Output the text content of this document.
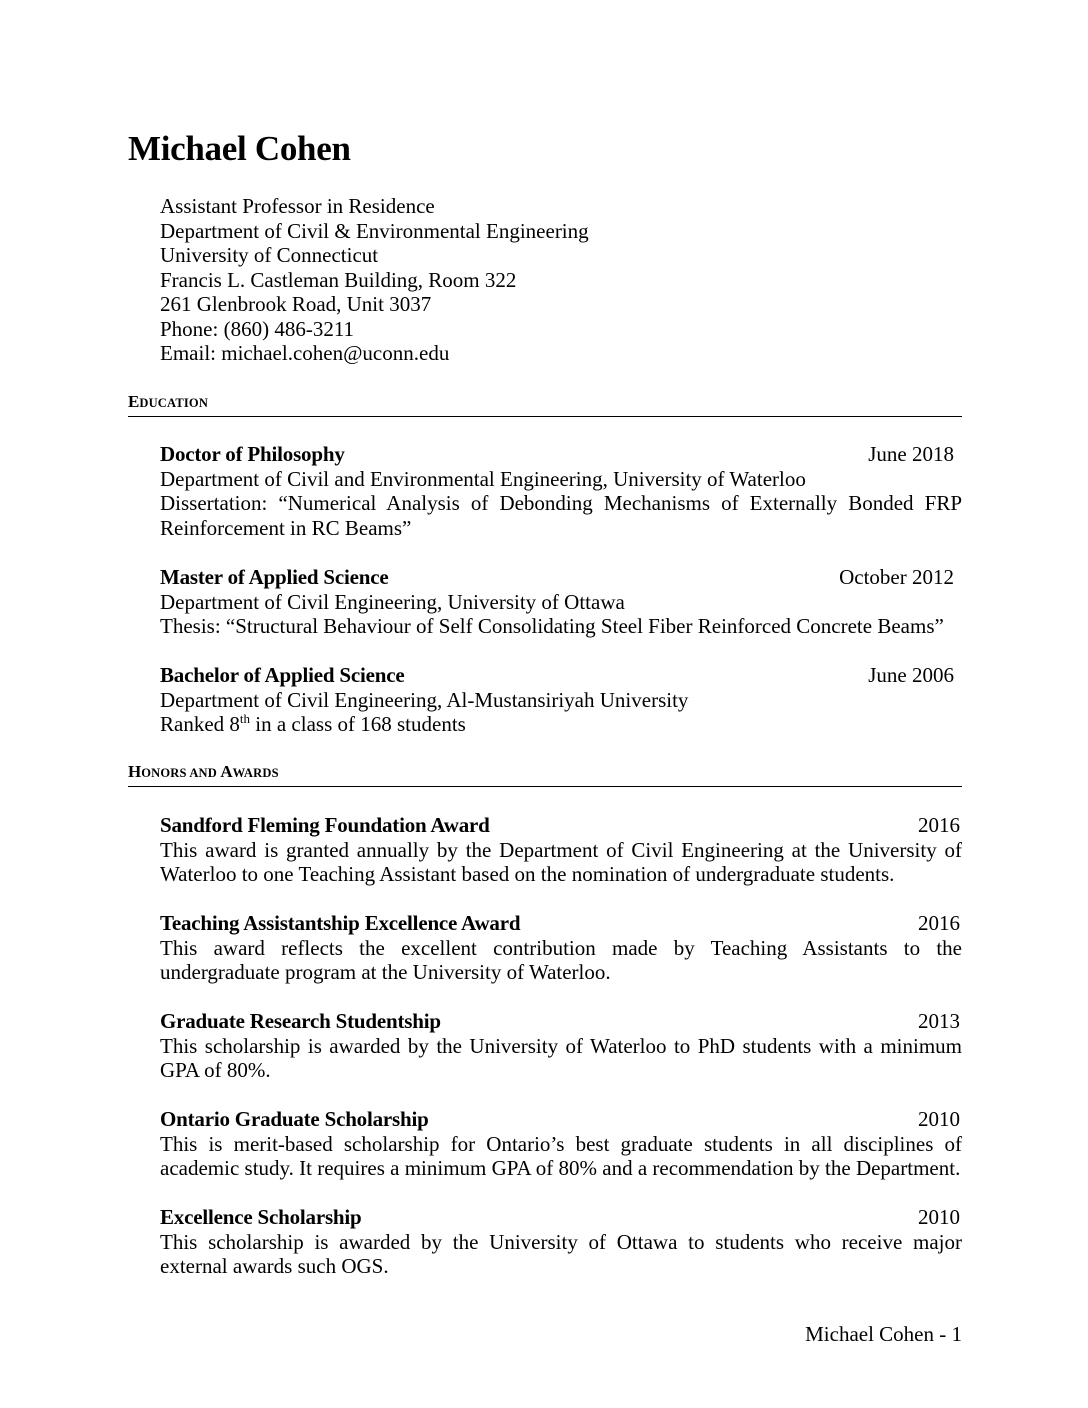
Michael Cohen
Assistant Professor in Residence
Department of Civil & Environmental Engineering
University of Connecticut
Francis L. Castleman Building, Room 322
261 Glenbrook Road, Unit 3037
Phone: (860) 486-3211
Email: michael.cohen@uconn.edu
EDUCATION
Doctor of Philosophy	June 2018
Department of Civil and Environmental Engineering, University of Waterloo
Dissertation: “Numerical Analysis of Debonding Mechanisms of Externally Bonded FRP Reinforcement in RC Beams”
Master of Applied Science	October 2012
Department of Civil Engineering, University of Ottawa
Thesis: “Structural Behaviour of Self Consolidating Steel Fiber Reinforced Concrete Beams”
Bachelor of Applied Science	June 2006
Department of Civil Engineering, Al-Mustansiriyah University
Ranked 8th in a class of 168 students
HONORS AND AWARDS
Sandford Fleming Foundation Award	2016
This award is granted annually by the Department of Civil Engineering at the University of Waterloo to one Teaching Assistant based on the nomination of undergraduate students.
Teaching Assistantship Excellence Award	2016
This award reflects the excellent contribution made by Teaching Assistants to the undergraduate program at the University of Waterloo.
Graduate Research Studentship	2013
This scholarship is awarded by the University of Waterloo to PhD students with a minimum GPA of 80%.
Ontario Graduate Scholarship	2010
This is merit-based scholarship for Ontario’s best graduate students in all disciplines of academic study. It requires a minimum GPA of 80% and a recommendation by the Department.
Excellence Scholarship	2010
This scholarship is awarded by the University of Ottawa to students who receive major external awards such OGS.
Michael Cohen - 1
